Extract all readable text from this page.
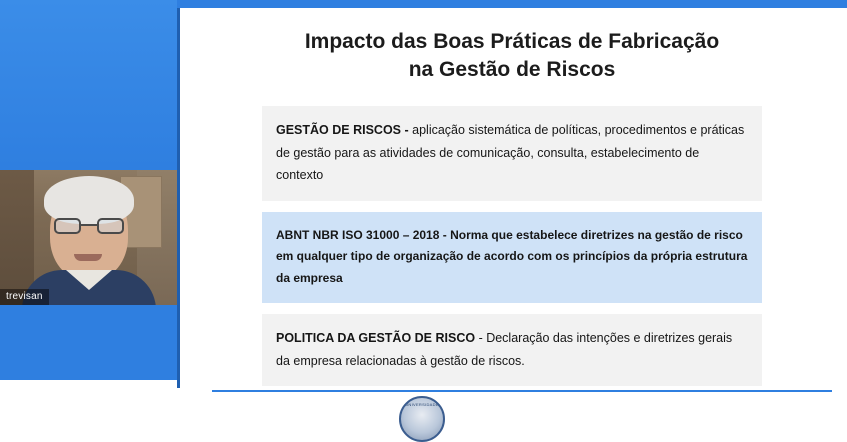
trevisan
Impacto das Boas Práticas de Fabricação
na Gestão de Riscos
GESTÃO DE RISCOS - aplicação sistemática de políticas, procedimentos e práticas de gestão para as atividades de comunicação, consulta, estabelecimento de contexto
ABNT NBR ISO 31000 – 2018 - Norma que estabelece diretrizes na gestão de risco em qualquer tipo de organização de acordo com os princípios da própria estrutura da empresa
POLITICA DA GESTÃO DE RISCO - Declaração das intenções e diretrizes gerais da empresa relacionadas à gestão de riscos.
UNIVERSIDADE
